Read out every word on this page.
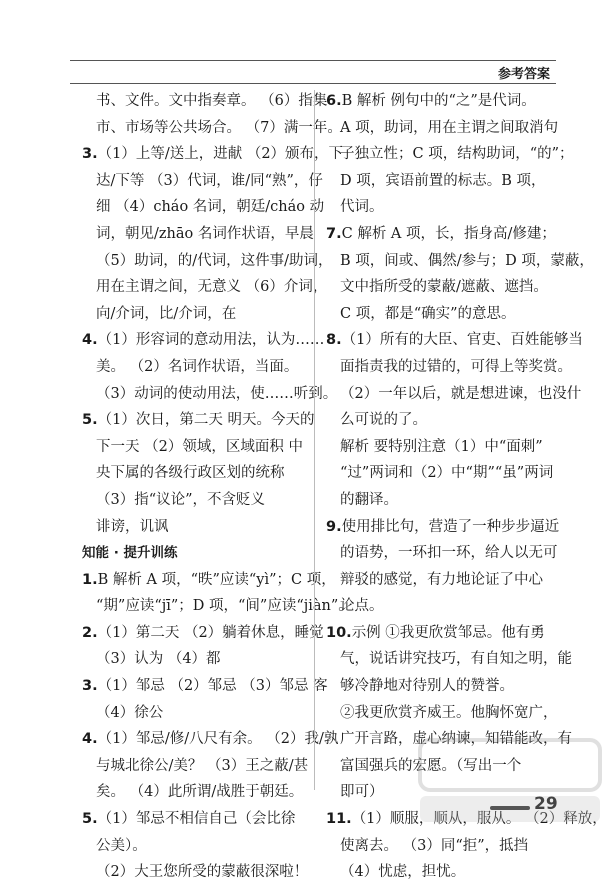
参考答案
书、文件。文中指奏章。 （6）指集
市、市场等公共场合。 （7）满一年。
3.（1）上等/送上，进献 （2）颁布，下
达/下等 （3）代词，谁/同“熟”，仔
细 （4）cháo 名词，朝廷/cháo 动
词，朝见/zhāo 名词作状语，早晨
（5）助词，的/代词，这件事/助词，
用在主谓之间，无意义 （6）介词，
向/介词，比/介词，在
4.（1）形容词的意动用法，认为……
美。 （2）名词作状语，当面。
（3）动词的使动用法，使……听到。
5.（1）次日，第二天 明天。今天的
下一天 （2）领域，区域面积 中
央下属的各级行政区划的统称
（3）指“议论”，不含贬义
诽谤，讥讽
知能 · 提升训练
1.B 解析 A 项，“昳”应读“yì”；C 项，
“期”应读“jī”；D 项，“间”应读“jiàn”。
2.（1）第二天 （2）躺着休息，睡觉
（3）认为 （4）都
3.（1）邹忌 （2）邹忌 （3）邹忌 客
（4）徐公
4.（1）邹忌/修/八尺有余。 （2）我/孰
与城北徐公/美？ （3）王之蔽/甚
矣。 （4）此所谓/战胜于朝廷。
5.（1）邹忌不相信自己（会比徐
公美）。
（2）大王您所受的蒙蔽很深啦！
6.B 解析 例句中的“之”是代词。
A 项，助词，用在主谓之间取消句
子独立性；C 项，结构助词，“的”；
D 项，宾语前置的标志。B 项，
代词。
7.C 解析 A 项，长，指身高/修建；
B 项，间或、偶然/参与；D 项，蒙蔽，
文中指所受的蒙蔽/遮蔽、遮挡。
C 项，都是“确实”的意思。
8.（1）所有的大臣、官吏、百姓能够当
面指责我的过错的，可得上等奖赏。
（2）一年以后，就是想进谏，也没什
么可说的了。
解析 要特别注意（1）中“面刺”
“过”两词和（2）中“期”“虽”两词
的翻译。
9.使用排比句，营造了一种步步逼近
的语势，一环扣一环，给人以无可
辩驳的感觉，有力地论证了中心
论点。
10.示例 ①我更欣赏邹忌。他有勇
气，说话讲究技巧，有自知之明，能
够冷静地对待别人的赞誉。
②我更欣赏齐威王。他胸怀宽广，
广开言路，虚心纳谏，知错能改，有
富国强兵的宏愿。（写出一个
即可）
11.（1）顺服，顺从，服从。 （2）释放，
使离去。 （3）同“拒”，抵挡
（4）忧虑，担忧。
29
